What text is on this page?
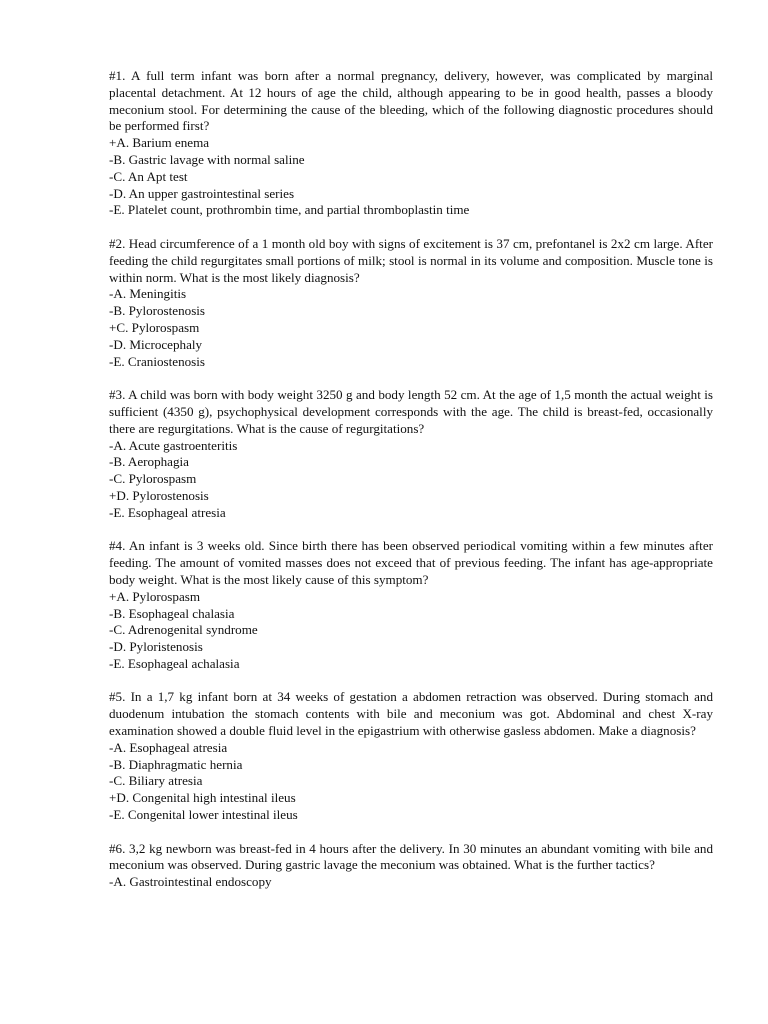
#1. A full term infant was born after a normal pregnancy, delivery, however, was complicated by marginal placental detachment. At 12 hours of age the child, although appearing to be in good health, passes a bloody meconium stool. For determining the cause of the bleeding, which of the following diagnostic procedures should be performed first?

+A. Barium enema
-B. Gastric lavage with normal saline
-C. An Apt test
-D. An upper gastrointestinal series
-E. Platelet count, prothrombin time, and partial thromboplastin time

#2. Head circumference of a 1 month old boy with signs of excitement is 37 cm, prefontanel is 2x2 cm large. After feeding the child regurgitates small portions of milk; stool is normal in its volume and composition. Muscle tone is within norm. What is the most likely diagnosis?

-A. Meningitis
-B. Pylorostenosis
+C. Pylorospasm
-D. Microcephaly
-E. Craniostenosis

#3. A child was born with body weight 3250 g and body length 52 cm. At the age of 1,5 month the actual weight is sufficient (4350 g), psychophysical development corresponds with the age. The child is breast-fed, occasionally there are regurgitations. What is the cause of regurgitations?

-A. Acute gastroenteritis
-B. Aerophagia
-C. Pylorospasm
+D. Pylorostenosis
-E. Esophageal atresia

#4. An infant is 3 weeks old. Since birth there has been observed periodical vomiting within a few minutes after feeding. The amount of vomited masses does not exceed that of previous feeding. The infant has age-appropriate body weight. What is the most likely cause of this symptom?

+A. Pylorospasm
-B. Esophageal chalasia
-C. Adrenogenital syndrome
-D. Pyloristenosis
-E. Esophageal achalasia

#5. In a 1,7 kg infant born at 34 weeks of gestation a abdomen retraction was observed. During stomach and duodenum intubation the stomach contents with bile and meconium was got. Abdominal and chest X-ray examination showed a double fluid level in the epigastrium with otherwise gasless abdomen. Make a diagnosis?

-A. Esophageal atresia
-B. Diaphragmatic hernia
-C. Biliary atresia
+D. Congenital high intestinal ileus
-E. Congenital lower intestinal ileus

#6. 3,2 kg newborn was breast-fed in 4 hours after the delivery. In 30 minutes an abundant vomiting with bile and meconium was observed. During gastric lavage the meconium was obtained. What is the further tactics?

-A. Gastrointestinal endoscopy
